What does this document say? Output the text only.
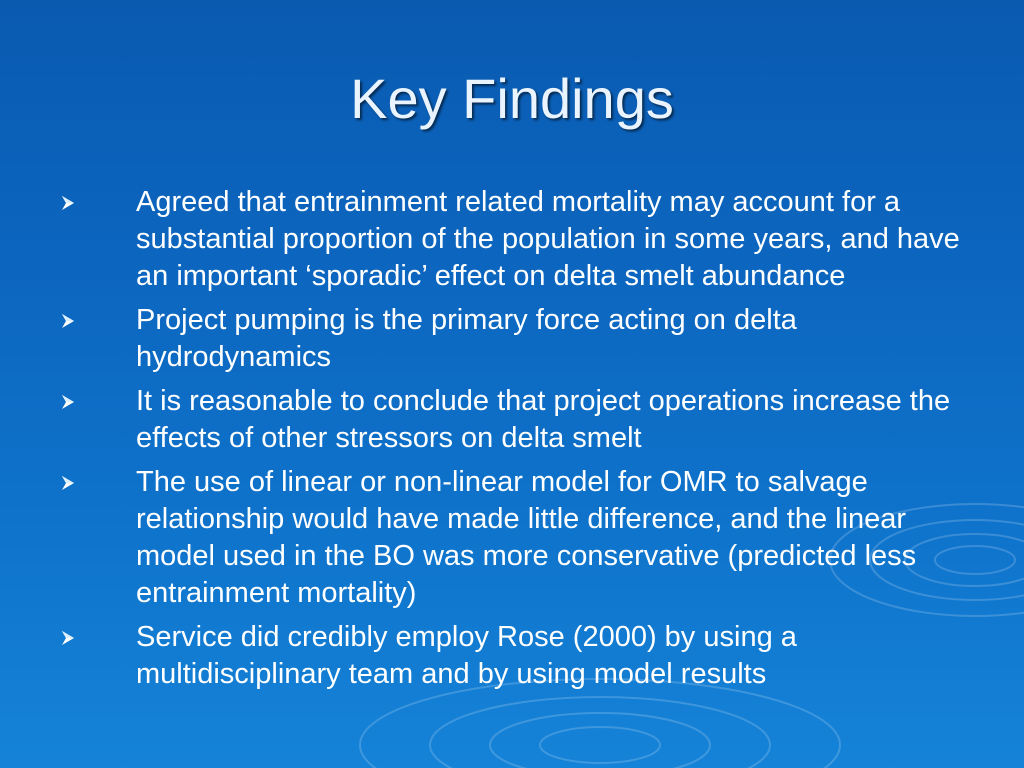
Key Findings
Agreed that entrainment related mortality may account for a substantial proportion of the population in some years, and have an important ‘sporadic’ effect on delta smelt abundance
Project pumping is the primary force acting on delta hydrodynamics
It is reasonable to conclude that project operations increase the effects of other stressors on delta smelt
The use of linear or non-linear model for OMR to salvage relationship would have made little difference, and the linear model used in the BO was more conservative (predicted less entrainment mortality)
Service did credibly employ Rose (2000) by using a multidisciplinary team and by using model results
